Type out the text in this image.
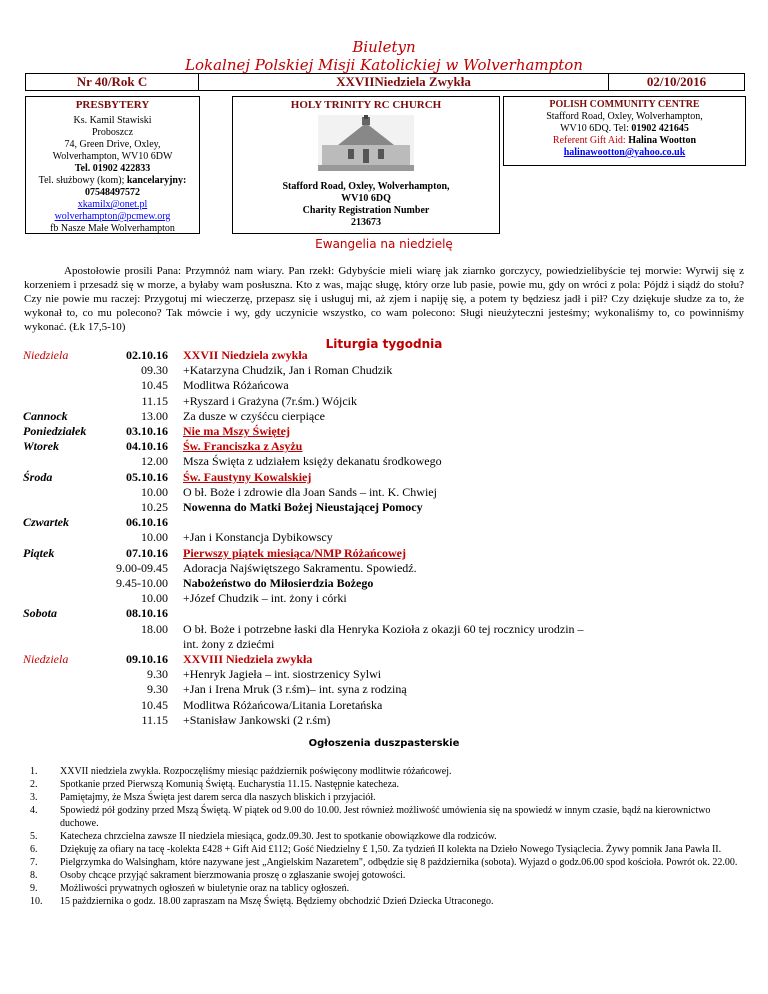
Biuletyn
Lokalnej Polskiej Misji Katolickiej w Wolverhampton
Nr 40/Rok C	XXVIINiedziela Zwykła	02/10/2016
PRESBYTERY
Ks. Kamil Stawiski
Proboszcz
74, Green Drive, Oxley,
Wolverhampton, WV10 6DW
Tel. 01902 422833
Tel. służbowy (kom); kancelaryjny:
07548497572
xkamilx@onet.pl
wolverhampton@pcmew.org
fb Nasze Małe Wolverhampton
HOLY TRINITY RC CHURCH
Stafford Road, Oxley, Wolverhampton,
WV10 6DQ
Charity Registration Number
213673
POLISH COMMUNITY CENTRE
Stafford Road, Oxley, Wolverhampton,
WV10 6DQ. Tel: 01902 421645
Referent Gift Aid: Halina Wootton
halinawootton@yahoo.co.uk
Ewangelia na niedzielę
Apostołowie prosili Pana: Przymnóż nam wiary. Pan rzekł: Gdybyście mieli wiarę jak ziarnko gorczycy, powiedzielibyście tej morwie: Wyrwij się z korzeniem i przesadź się w morze, a byłaby wam posłuszna. Kto z was, mając sługę, który orze lub pasie, powie mu, gdy on wróci z pola: Pójdź i siądź do stołu? Czy nie powie mu raczej: Przygotuj mi wieczerzę, przepasz się i usługuj mi, aż zjem i napiję się, a potem ty będziesz jadł i pił? Czy dziękuje słudze za to, że wykonał to, co mu polecono? Tak mówcie i wy, gdy uczynicie wszystko, co wam polecono: Sługi nieużyteczni jesteśmy; wykonaliśmy to, co powinniśmy wykonać. (Łk 17,5-10)
Liturgia tygodnia
Niedziela	02.10.16 XXVII Niedziela zwykła
09.30 +Katarzyna Chudzik, Jan i Roman Chudzik
10.45 Modlitwa Różańcowa
11.15 +Ryszard i Grażyna (7r.śm.) Wójcik
Cannock	13.00 Za dusze w czyśćcu cierpiące
Poniedziałek	03.10.16 Nie ma Mszy Świętej
Wtorek	04.10.16 Św. Franciszka z Asyżu
12.00 Msza Święta z udziałem księży dekanatu środkowego
Środa	05.10.16 Św. Faustyny Kowalskiej
10.00 O bł. Boże i zdrowie dla Joan Sands – int. K. Chwiej
10.25 Nowenna do Matki Bożej Nieustającej Pomocy
Czwartek	06.10.16
10.00 +Jan i Konstancja Dybikowscy
Piątek	07.10.16 Pierwszy piątek miesiąca/NMP Różańcowej
9.00-09.45 Adoracja Najświętszego Sakramentu. Spowiedź.
9.45-10.00 Nabożeństwo do Miłosierdzia Bożego
10.00 +Józef Chudzik – int. żony i córki
Sobota	08.10.16
18.00 O bł. Boże i potrzebne łaski dla Henryka Kozioła z okazji 60 tej rocznicy urodzin –
int. żony z dziećmi
Niedziela	09.10.16 XXVIII Niedziela zwykła
9.30 +Henryk Jagieła – int. siostrzenicy Sylwi
9.30 +Jan i Irena Mruk (3 r.śm)– int. syna z rodziną
10.45 Modlitwa Różańcowa/Litania Loretańska
11.15 +Stanisław Jankowski (2 r.śm)
Ogłoszenia duszpasterskie
1.	XXVII niedziela zwykła. Rozpoczęliśmy miesiąc październik poświęcony modlitwie różańcowej.
2.	Spotkanie przed Pierwszą Komunią Świętą. Eucharystia 11.15. Następnie katecheza.
3.	Pamiętajmy, że Msza Święta jest darem serca dla naszych bliskich i przyjaciół.
4.	Spowiedź pół godziny przed Mszą Świętą. W piątek od 9.00 do 10.00. Jest również możliwość umówienia się na spowiedź w innym czasie, bądź na kierownictwo duchowe.
5.	Katecheza chrzcielna zawsze II niedziela miesiąca, godz.09.30. Jest to spotkanie obowiązkowe dla rodziców.
6.	Dziękuję za ofiary na tacę -kolekta £428 + Gift Aid £112; Gość Niedzielny £ 1,50. Za tydzień II kolekta na Dzieło Nowego Tysiąclecia. Żywy pomnik Jana Pawła II.
7.	Pielgrzymka do Walsingham, które nazywane jest „Angielskim Nazaretem", odbędzie się 8 października (sobota). Wyjazd o godz.06.00 spod kościoła. Powrót ok. 22.00.
8.	Osoby chcące przyjąć sakrament bierzmowania proszę o zgłaszanie swojej gotowości.
9.	Możliwości prywatnych ogłoszeń w biuletynie oraz na tablicy ogłoszeń.
10.	15 października o godz. 18.00 zapraszam na Mszę Świętą. Będziemy obchodzić Dzień Dziecka Utraconego.
